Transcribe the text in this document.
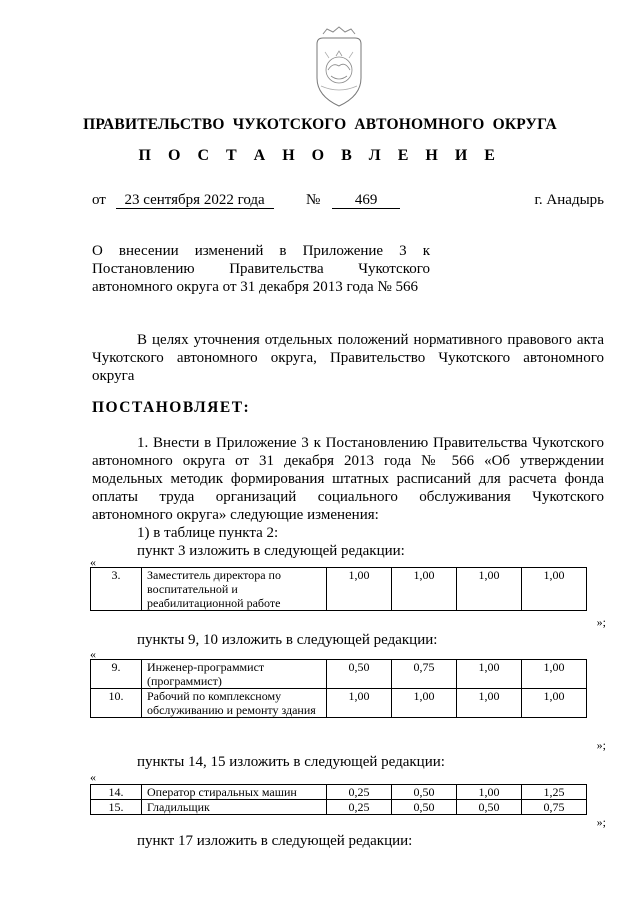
ПРАВИТЕЛЬСТВО ЧУКОТСКОГО АВТОНОМНОГО ОКРУГА
П О С Т А Н О В Л Е Н И Е
от 23 сентября 2022 года	№ 469	г. Анадырь
О внесении изменений в Приложение 3 к
Постановлению Правительства Чукотского
автономного округа от 31 декабря 2013 года № 566
В целях уточнения отдельных положений нормативного правового акта
Чукотского автономного округа, Правительство Чукотского автономного
округа
ПОСТАНОВЛЯЕТ:
1. Внести в Приложение 3 к Постановлению Правительства Чукотского
автономного округа от 31 декабря 2013 года № 566 «Об утверждении
модельных методик формирования штатных расписаний для расчета фонда
оплаты труда организаций социального обслуживания Чукотского
автономного округа» следующие изменения:
1) в таблице пункта 2:
пункт 3 изложить в следующей редакции:
«
3.	Заместитель директора по воспитательной и реабилитационной работе	1,00	1,00	1,00	1,00
»;
пункты 9, 10 изложить в следующей редакции:
«
9.	Инженер-программист (программист)	0,50	0,75	1,00	1,00
10.	Рабочий по комплексному обслуживанию и ремонту здания	1,00	1,00	1,00	1,00
»;
пункты 14, 15 изложить в следующей редакции:
«
14.	Оператор стиральных машин	0,25	0,50	1,00	1,25
15.	Гладильщик	0,25	0,50	0,50	0,75
»;
пункт 17 изложить в следующей редакции:
